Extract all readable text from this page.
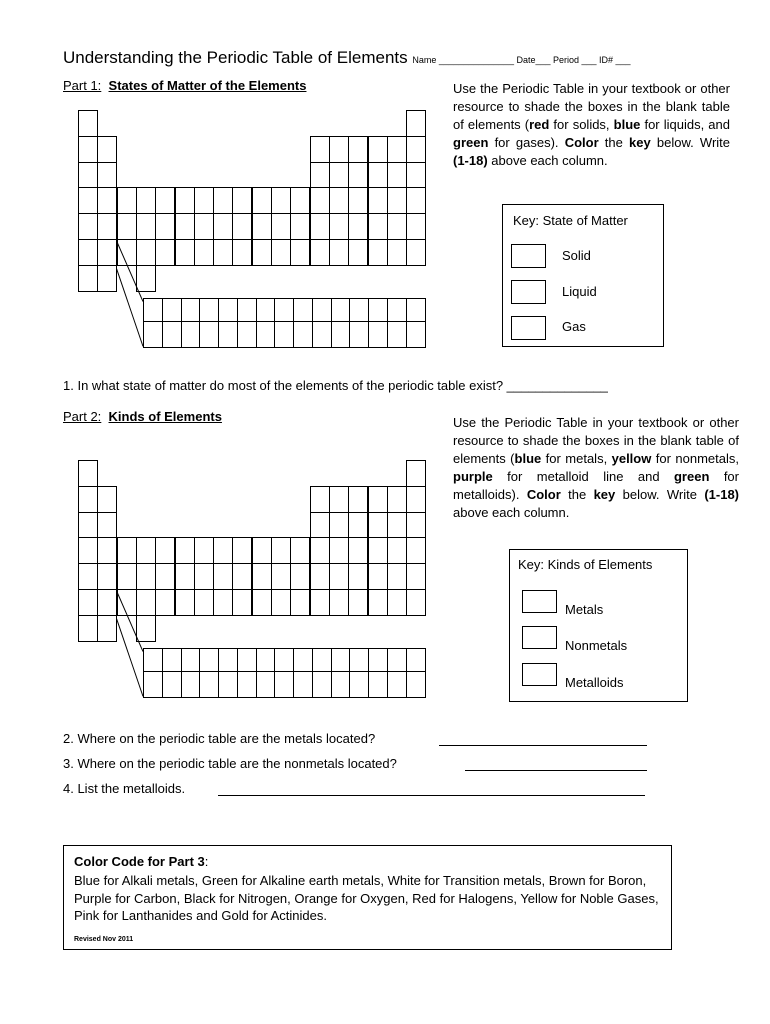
Understanding the Periodic Table of Elements Name _______________ Date___ Period ___ ID# ___
Part 1: States of Matter of the Elements	Use the Periodic Table in your textbook or other resource to shade the boxes in the blank table of elements (red for solids, blue for liquids, and green for gases). Color the key below. Write (1-18) above each column.
Key: State of Matter
Solid
Liquid
Gas
1. In what state of matter do most of the elements of the periodic table exist? ______________
Part 2: Kinds of Elements	Use the Periodic Table in your textbook or other resource to shade the boxes in the blank table of elements (blue for metals, yellow for nonmetals, purple for metalloid line and green for metalloids). Color the key below. Write (1-18) above each column.
Key: Kinds of Elements
Metals
Nonmetals
Metalloids
2. Where on the periodic table are the metals located?
3. Where on the periodic table are the nonmetals located?
4. List the metalloids.
Color Code for Part 3:
Blue for Alkali metals, Green for Alkaline earth metals, White for Transition metals, Brown for Boron, Purple for Carbon, Black for Nitrogen, Orange for Oxygen, Red for Halogens, Yellow for Noble Gases, Pink for Lanthanides and Gold for Actinides.
Revised Nov 2011
